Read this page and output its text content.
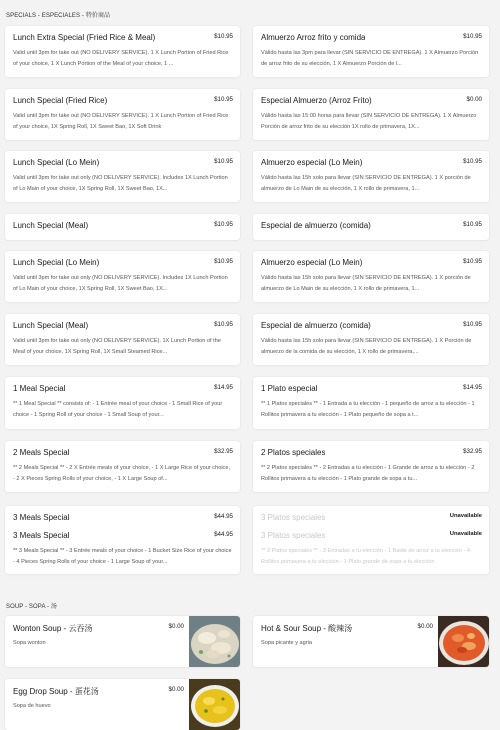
SPECIALS - ESPECIALES - 特价商品
Lunch Extra Special (Fried Rice & Meal)	$10.95
Valid until 3pm for take out (NO DELIVERY SERVICE). 1 X Lunch Portion of Fried Rice of your choice, 1 X Lunch Portion of the Meal of your choice, 1 ...
Almuerzo Arroz frito y comida	$10.95
Válido hasta las 3pm para llevar (SIN SERVICIO DE ENTREGA). 1 X Almuerzo Porción de arroz frito de su elección, 1 X Almuerzo Porción de l...
Lunch Special (Fried Rice)	$10.95
Valid until 3pm for take out (NO DELIVERY SERVICE). 1 X Lunch Portion of Fried Rice of your choice, 1X Spring Roll, 1X Sweet Bao, 1X Soft Drink
Especial Almuerzo (Arroz Frito)	$0.00
Válido hasta las 15:00 horas para llevar (SIN SERVICIO DE ENTREGA). 1 X Almuerzo Porción de arroz frito de su elección 1X rollo de primavera, 1X...
Lunch Special (Lo Mein)	$10.95
Valid until 3pm for take out only (NO DELIVERY SERVICE). Includes 1X Lunch Portion of Lo Main of your choice, 1X Spring Roll, 1X Sweet Bao, 1X...
Almuerzo especial (Lo Mein)	$10.95
Válido hasta las 15h solo para llevar (SIN SERVICIO DE ENTREGA). 1 X porción de almuerzo de Lo Main de su elección, 1 X rollo de primavera, 1...
Lunch Special (Meal)	$10.95	Especial de almuerzo (comida)	$10.95
Lunch Special (Lo Mein)	$10.95
Valid until 3pm for take out only (NO DELIVERY SERVICE). Includes 1X Lunch Portion of Lo Main of your choice, 1X Spring Roll, 1X Sweet Bao, 1X...
Almuerzo especial (Lo Mein)	$10.95
Válido hasta las 15h solo para llevar (SIN SERVICIO DE ENTREGA). 1 X porción de almuerzo de Lo Main de su elección, 1 X rollo de primavera, 1...
Lunch Special (Meal)	$10.95
Valid until 3pm for take out only (NO DELIVERY SERVICE). 1X Lunch Portion of the Meal of your choice, 1X Spring Roll, 1X Small Steamed Rice...
Especial de almuerzo (comida)	$10.95
Válido hasta las 15h solo para llevar (SIN SERVICIO DE ENTREGA). 1 X Porción de almuerzo de la comida de su elección, 1 X rollo de primavera,...
1 Meal Special	$14.95
** 1 Meal Special ** consists of: - 1 Entrée meal of your choice - 1 Small Rice of your choice - 1 Spring Roll of your choice - 1 Small Soup of your...
1 Plato especial	$14.95
** 1 Platos speciales ** - 1 Entrada a tu elección - 1 pequeño de arroz a tu elección - 1 Rollitos primavera a tu elección - 1 Plato pequeño de sopa a t...
2 Meals Special	$32.95
** 2 Meals Special ** - 2 X Entrée meals of your choice, - 1 X Large Rice of your choice, - 2 X Pieces Spring Rolls of your choice, - 1 X Large Soup of...
2 Platos speciales	$32.95
** 2 Platos speciales ** - 2 Entradas a tu elección - 1 Grande de arroz a tu elección - 2 Rollitos primavera a tu elección - 1 Plato grande de sopa a tu...
3 Meals Special	$44.95
3 Meals Special	$44.95
** 3 Meals Special ** - 3 Entrée meals of your choice - 1 Bucket Size Rice of your choice - 4 Pieces Spring Rolls of your choice - 1 Large Soup of your...
3 Platos speciales	Unavailable
3 Platos speciales	Unavailable
** 3 Platos speciales ** - 3 Entradas a tu elección - 1 Balde de arroz a tu elección - 4 Rollitos primavera a tu elección - 1 Plato grande de sopa a tu elección
SOUP - SOPA - 汤
Wonton Soup - 云吞汤	$0.00
Sopa wonton
Hot & Sour Soup - 酸辣汤	$0.00
Sopa picante y agria
Egg Drop Soup - 蛋花汤	$0.00
Sopa de huevo
